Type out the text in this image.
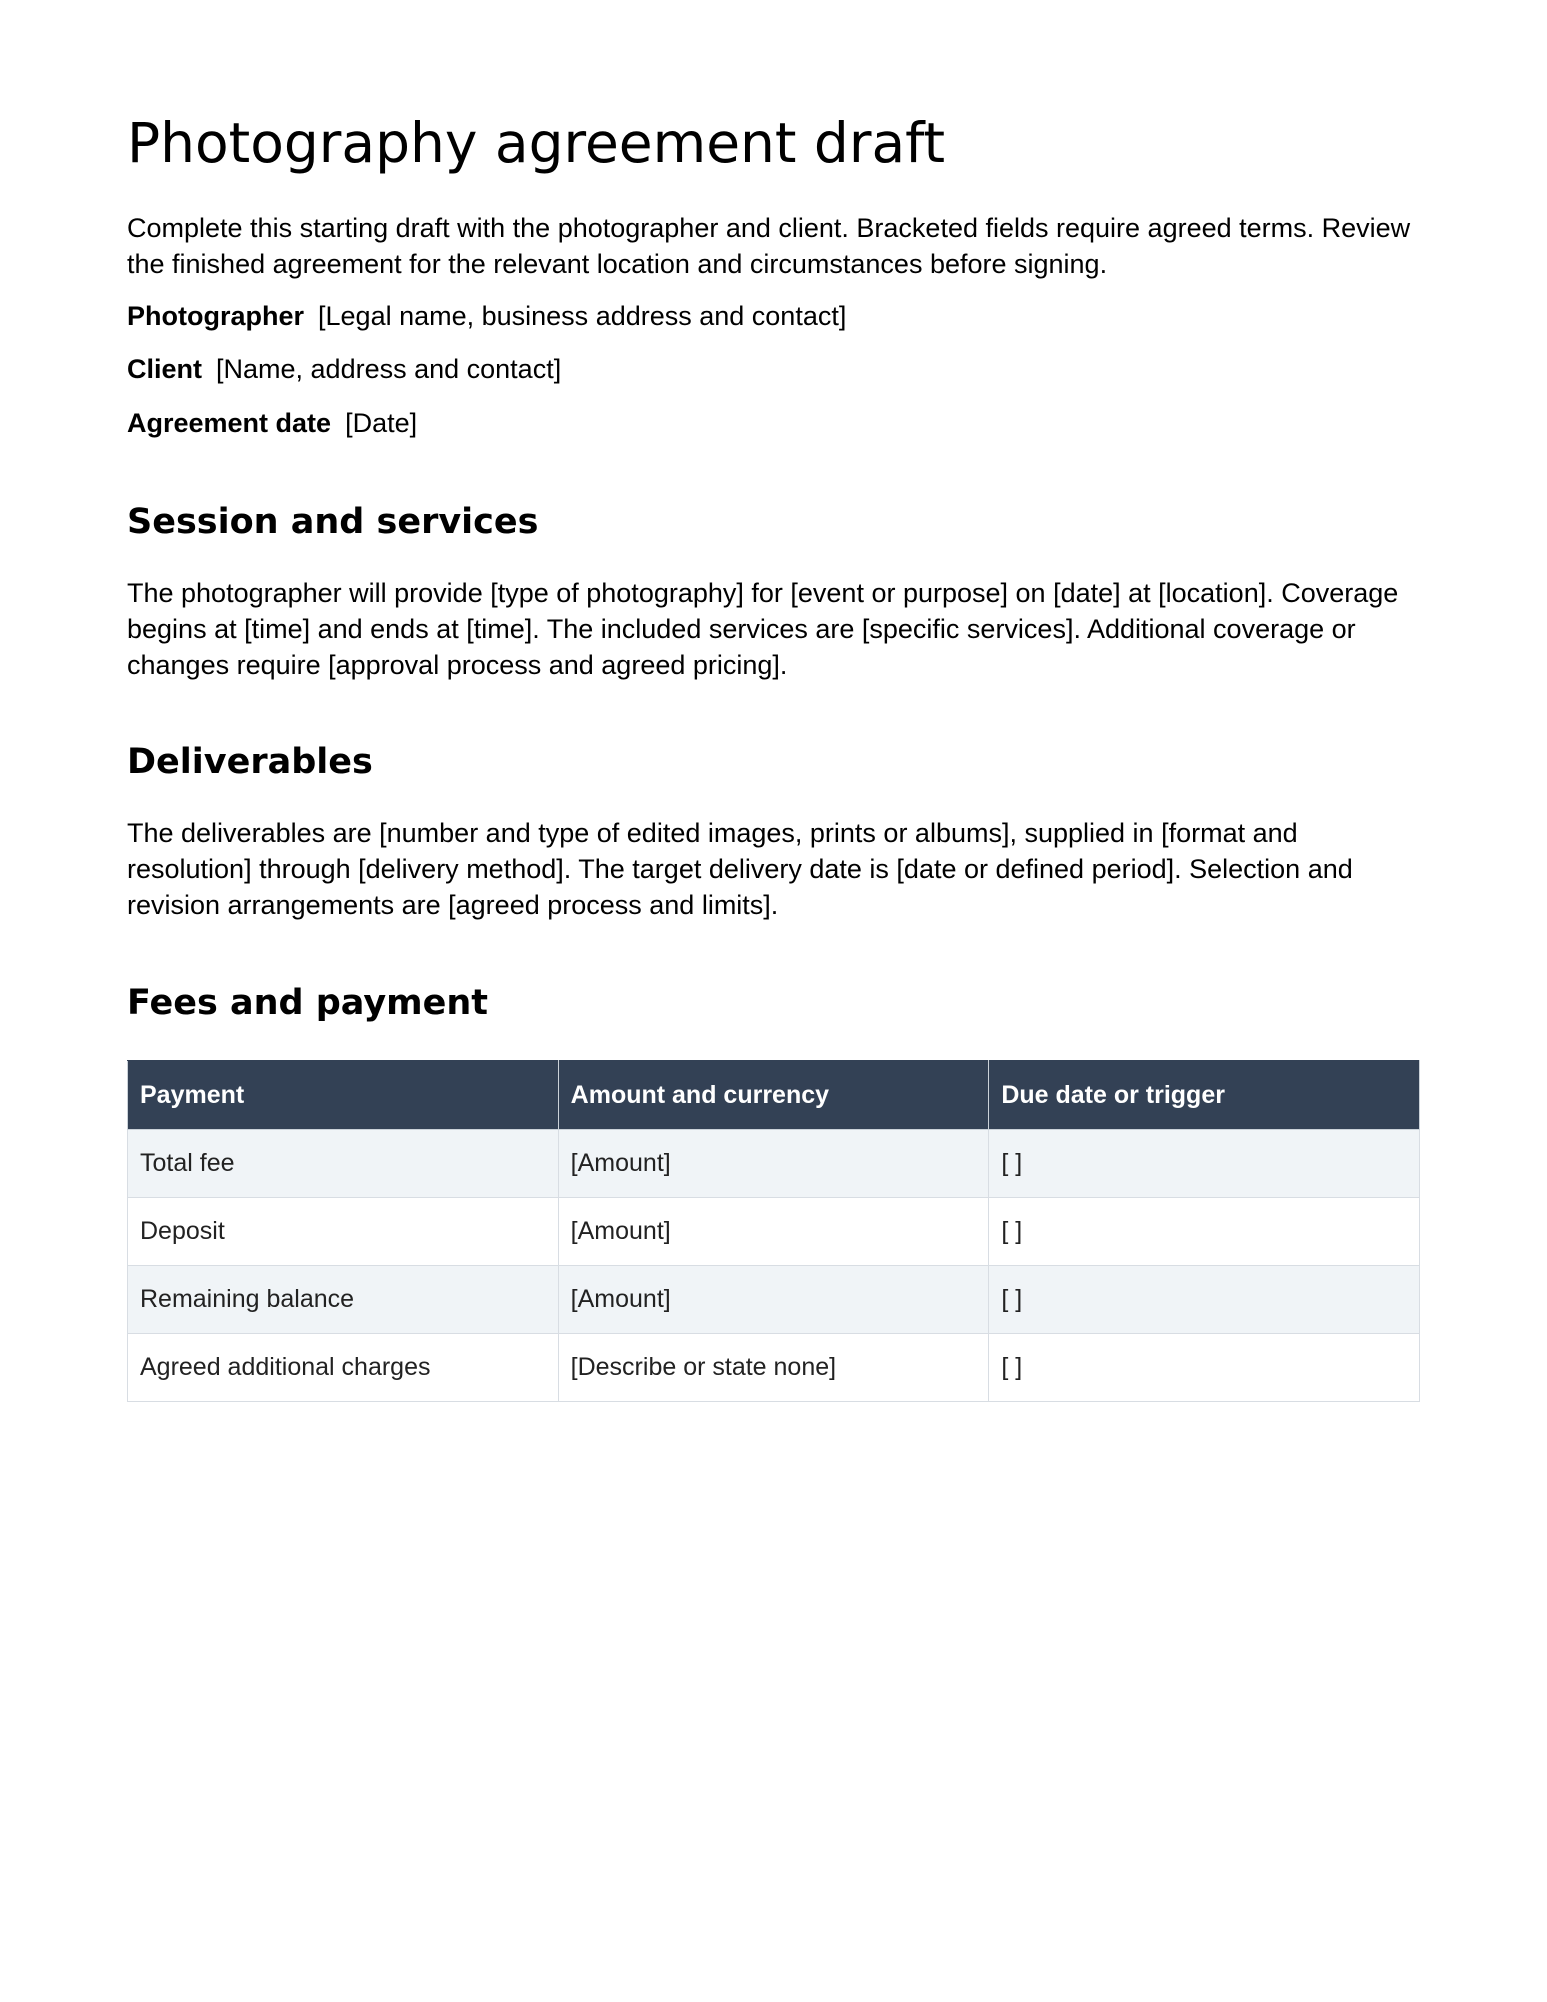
Photography agreement draft

Complete this starting draft with the photographer and client. Bracketed fields require agreed terms. Review the finished agreement for the relevant location and circumstances before signing.

Photographer [Legal name, business address and contact]

Client [Name, address and contact]

Agreement date [Date]

Session and services

The photographer will provide [type of photography] for [event or purpose] on [date] at [location]. Coverage begins at [time] and ends at [time]. The included services are [specific services]. Additional coverage or changes require [approval process and agreed pricing].

Deliverables

The deliverables are [number and type of edited images, prints or albums], supplied in [format and resolution] through [delivery method]. The target delivery date is [date or defined period]. Selection and revision arrangements are [agreed process and limits].

Fees and payment
Payment	Amount and currency	Due date or trigger
Total fee	[Amount]	[ ]
Deposit	[Amount]	[ ]
Remaining balance	[Amount]	[ ]
Agreed additional charges	[Describe or state none]	[ ]
